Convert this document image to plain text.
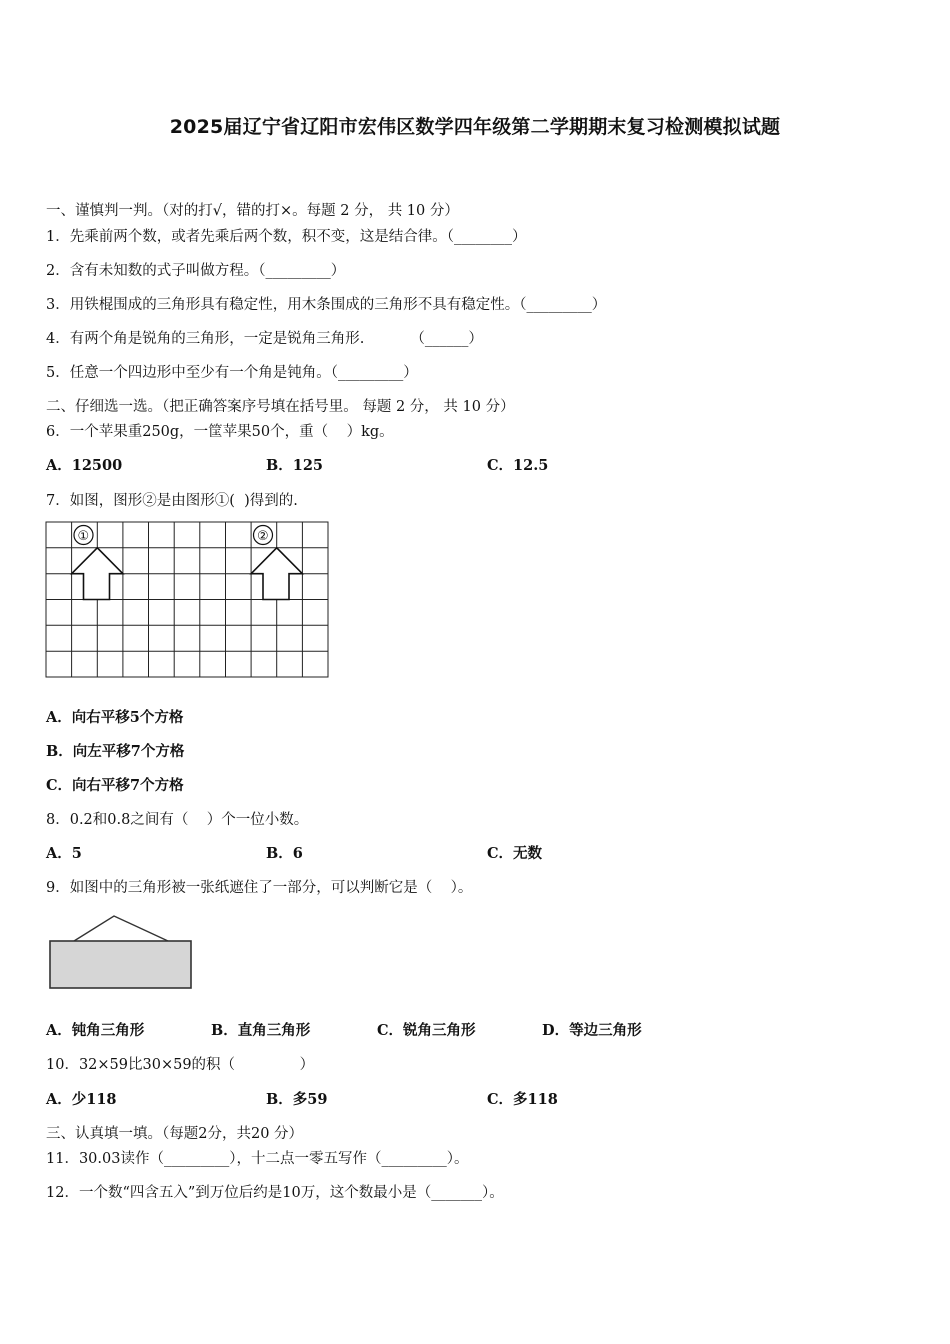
2025届辽宁省辽阳市宏伟区数学四年级第二学期期末复习检测模拟试题
一、谨慎判一判。（对的打√，错的打×。每题 2 分， 共 10 分）
1．先乘前两个数，或者先乘后两个数，积不变，这是结合律。（________）
2．含有未知数的式子叫做方程。（_________）
3．用铁棍围成的三角形具有稳定性，用木条围成的三角形不具有稳定性。（_________）
4．有两个角是锐角的三角形，一定是锐角三角形.          （______）
5．任意一个四边形中至少有一个角是钝角。（_________）
二、仔细选一选。（把正确答案序号填在括号里。 每题 2 分， 共 10 分）
6．一个苹果重250g，一筐苹果50个，重（    ）kg。
A．12500	B．125	C．12.5
7．如图，图形②是由图形①(  )得到的.
①	②
A．向右平移5个方格
B．向左平移7个方格
C．向右平移7个方格
8．0.2和0.8之间有（    ）个一位小数。
A．5	B．6	C．无数
9．如图中的三角形被一张纸遮住了一部分，可以判断它是（    ）。
A．钝角三角形	B．直角三角形	C．锐角三角形	D．等边三角形
10．32×59比30×59的积（              ）
A．少118	B．多59	C．多118
三、认真填一填。（每题2分，共20 分）
11．30.03读作（_________），十二点一零五写作（_________）。
12．一个数“四含五入”到万位后约是10万，这个数最小是（_______）。
